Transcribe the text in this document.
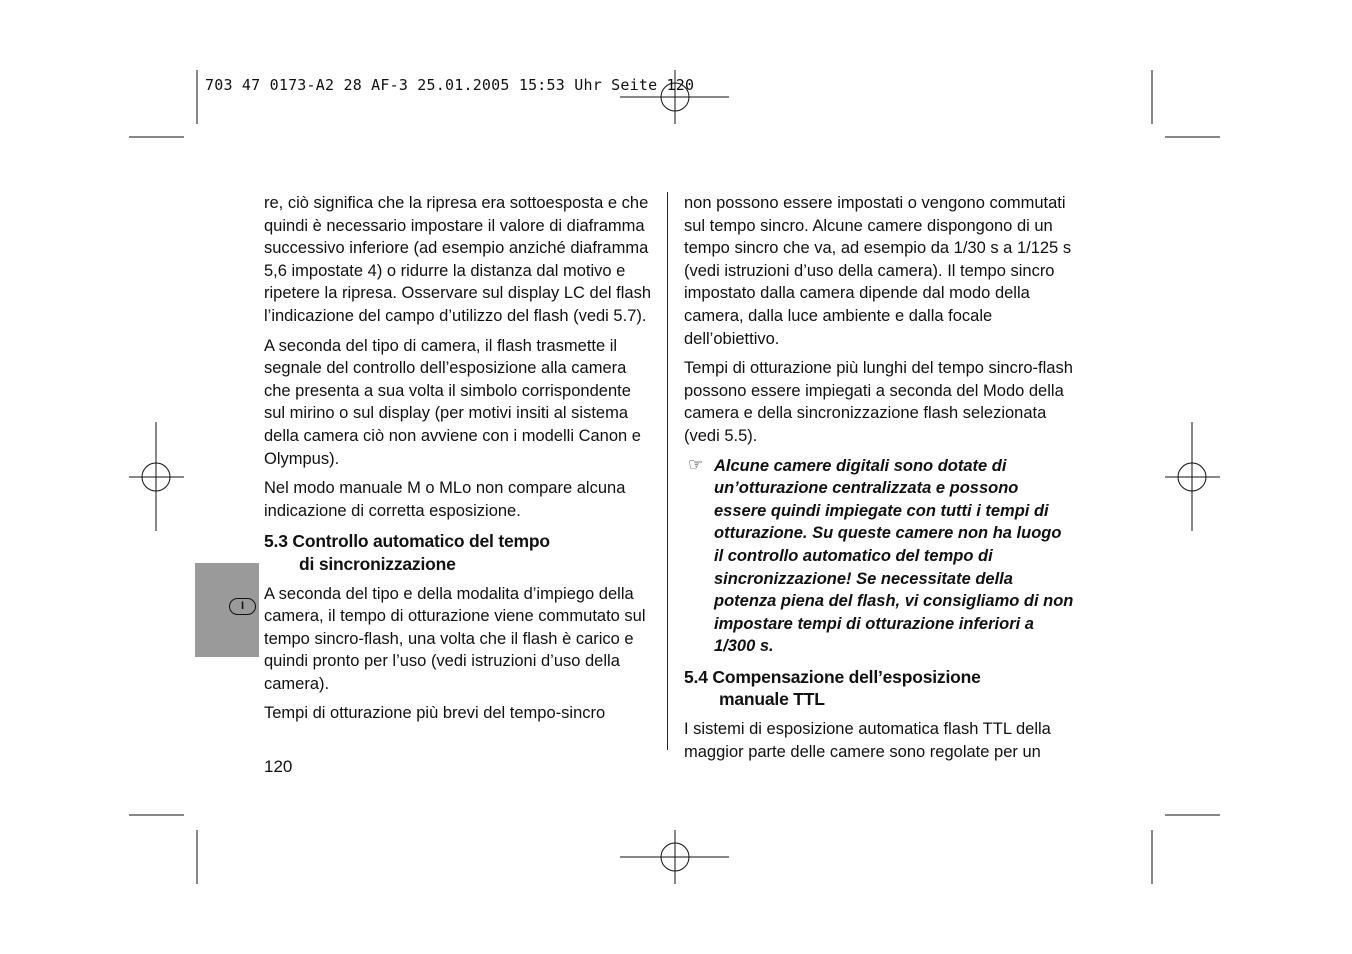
703 47 0173-A2 28 AF-3 25.01.2005 15:53 Uhr Seite 120
I

re, ciò significa che la ripresa era sottoesposta e che quindi è necessario impostare il valore di diaframma successivo inferiore (ad esempio anziché diaframma 5,6 impostate 4) o ridurre la distanza dal motivo e ripetere la ripresa. Osservare sul display LC del flash l’indicazione del campo d’utilizzo del flash (vedi 5.7).

A seconda del tipo di camera, il flash trasmette il segnale del controllo dell’esposizione alla camera che presenta a sua volta il simbolo corrispondente sul mirino o sul display (per motivi insiti al sistema della camera ciò non avviene con i modelli Canon e Olympus).

Nel modo manuale M o MLo non compare alcuna indicazione di corretta esposizione.

5.3 Controllo automatico del tempo
di sincronizzazione

A seconda del tipo e della modalita d’impiego della camera, il tempo di otturazione viene commutato sul tempo sincro-flash, una volta che il flash è carico e quindi pronto per l’uso (vedi istruzioni d’uso della camera).

Tempi di otturazione più brevi del tempo-sincro

non possono essere impostati o vengono commutati sul tempo sincro. Alcune camere dispongono di un tempo sincro che va, ad esempio da 1/30 s a 1/125 s (vedi istruzioni d’uso della camera). Il tempo sincro impostato dalla camera dipende dal modo della camera, dalla luce ambiente e dalla focale dell’obiettivo.

Tempi di otturazione più lunghi del tempo sincro-flash possono essere impiegati a seconda del Modo della camera e della sincronizzazione flash selezionata (vedi 5.5).

☞ Alcune camere digitali sono dotate di un’otturazione centralizzata e possono essere quindi impiegate con tutti i tempi di otturazione. Su queste camere non ha luogo il controllo automatico del tempo di sincronizzazione! Se necessitate della potenza piena del flash, vi consigliamo di non impostare tempi di otturazione inferiori a 1/300 s.
5.4 Compensazione dell’esposizione
manuale TTL

I sistemi di esposizione automatica flash TTL della maggior parte delle camere sono regolate per un

120
